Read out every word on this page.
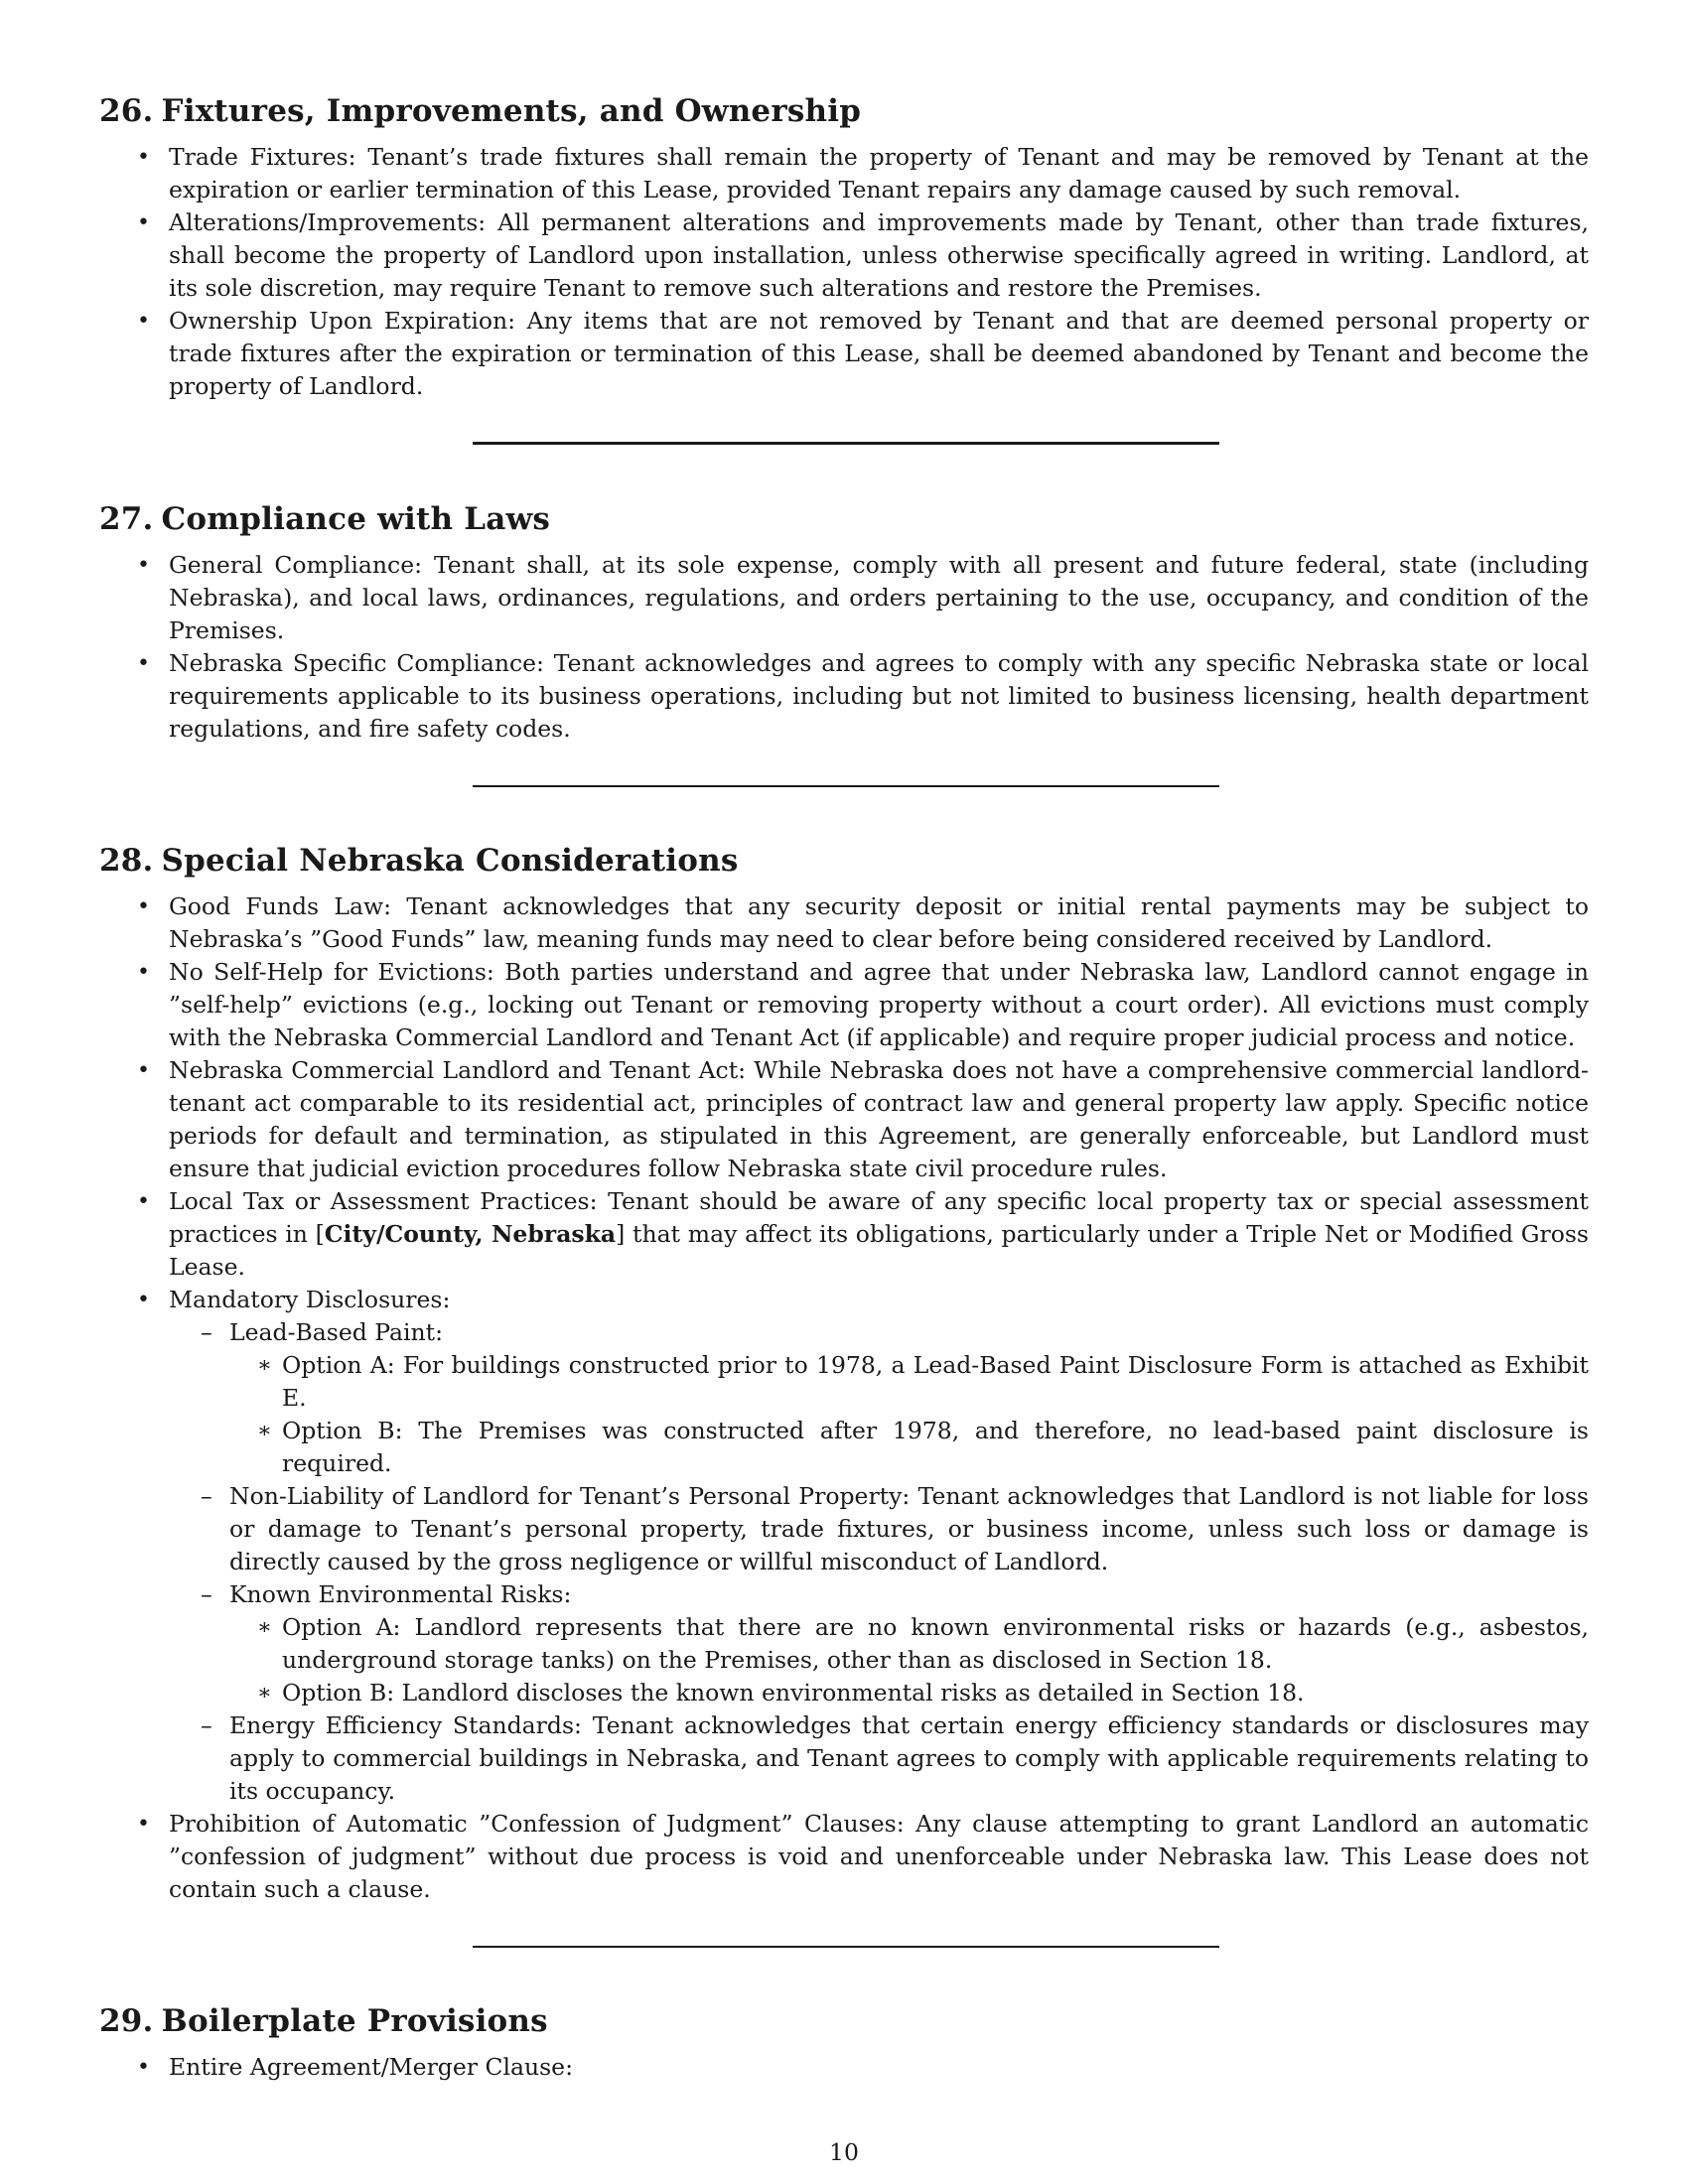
26. Fixtures, Improvements, and Ownership
• Trade Fixtures: Tenant’s trade fixtures shall remain the property of Tenant and may be removed by Tenant at the expiration or earlier termination of this Lease, provided Tenant repairs any damage caused by such removal.
• Alterations/Improvements: All permanent alterations and improvements made by Tenant, other than trade fixtures, shall become the property of Landlord upon installation, unless otherwise specifically agreed in writing. Landlord, at its sole discretion, may require Tenant to remove such alterations and restore the Premises.
• Ownership Upon Expiration: Any items that are not removed by Tenant and that are deemed personal property or trade fixtures after the expiration or termination of this Lease, shall be deemed abandoned by Tenant and become the property of Landlord.
27. Compliance with Laws
• General Compliance: Tenant shall, at its sole expense, comply with all present and future federal, state (including Nebraska), and local laws, ordinances, regulations, and orders pertaining to the use, occupancy, and condition of the Premises.
• Nebraska Specific Compliance: Tenant acknowledges and agrees to comply with any specific Nebraska state or local requirements applicable to its business operations, including but not limited to business licensing, health department regulations, and fire safety codes.
28. Special Nebraska Considerations
• Good Funds Law: Tenant acknowledges that any security deposit or initial rental payments may be subject to Nebraska’s ”Good Funds” law, meaning funds may need to clear before being considered received by Landlord.
• No Self-Help for Evictions: Both parties understand and agree that under Nebraska law, Landlord cannot engage in ”self-help” evictions (e.g., locking out Tenant or removing property without a court order). All evictions must comply with the Nebraska Commercial Landlord and Tenant Act (if applicable) and require proper judicial process and notice.
• Nebraska Commercial Landlord and Tenant Act: While Nebraska does not have a comprehensive commercial landlord-tenant act comparable to its residential act, principles of contract law and general property law apply. Specific notice periods for default and termination, as stipulated in this Agreement, are generally enforceable, but Landlord must ensure that judicial eviction procedures follow Nebraska state civil procedure rules.
• Local Tax or Assessment Practices: Tenant should be aware of any specific local property tax or special assessment practices in [City/County, Nebraska] that may affect its obligations, particularly under a Triple Net or Modified Gross Lease.

• Mandatory Disclosures:

– Lead-Based Paint:

∗ Option A: For buildings constructed prior to 1978, a Lead-Based Paint Disclosure Form is attached as Exhibit E.
∗ Option B: The Premises was constructed after 1978, and therefore, no lead-based paint disclosure is required.
– Non-Liability of Landlord for Tenant’s Personal Property: Tenant acknowledges that Landlord is not liable for loss or damage to Tenant’s personal property, trade fixtures, or business income, unless such loss or damage is directly caused by the gross negligence or willful misconduct of Landlord.

– Known Environmental Risks:

∗ Option A: Landlord represents that there are no known environmental risks or hazards (e.g., asbestos, underground storage tanks) on the Premises, other than as disclosed in Section 18.
∗ Option B: Landlord discloses the known environmental risks as detailed in Section 18.
– Energy Efficiency Standards: Tenant acknowledges that certain energy efficiency standards or disclosures may apply to commercial buildings in Nebraska, and Tenant agrees to comply with applicable requirements relating to its occupancy.
• Prohibition of Automatic ”Confession of Judgment” Clauses: Any clause attempting to grant Landlord an automatic ”confession of judgment” without due process is void and unenforceable under Nebraska law. This Lease does not contain such a clause.
29. Boilerplate Provisions
• Entire Agreement/Merger Clause:
10
